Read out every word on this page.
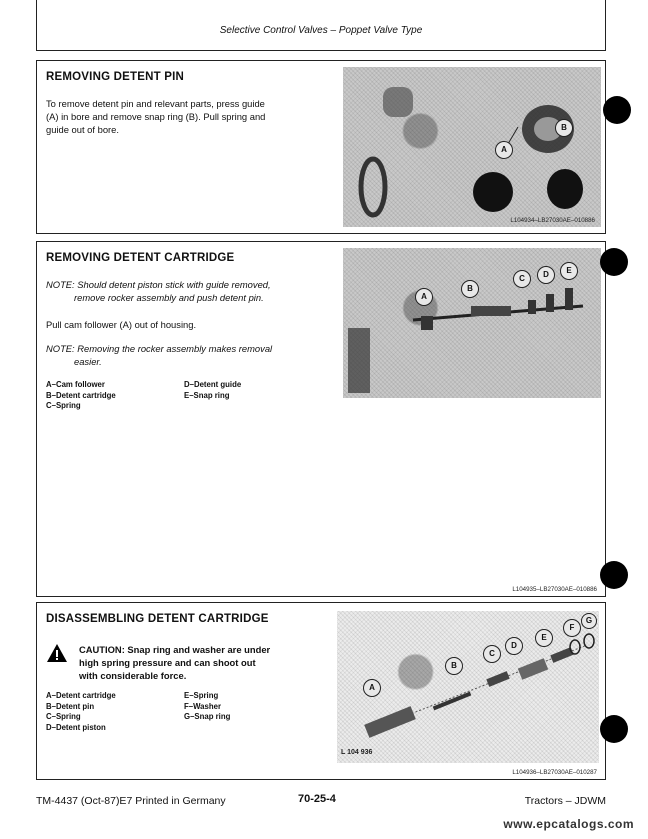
Selective Control Valves – Poppet Valve Type
REMOVING DETENT PIN
To remove detent pin and relevant parts, press guide
(A) in bore and remove snap ring (B). Pull spring and
guide out of bore.
A
B
L104934–LB27030AE–010886
REMOVING DETENT CARTRIDGE
NOTE: Should detent piston stick with guide removed,
remove rocker assembly and push detent pin.
Pull cam follower (A) out of housing.
NOTE: Removing the rocker assembly makes removal
easier.
A–Cam follower
B–Detent cartridge
C–Spring
D–Detent guide
E–Snap ring
A
B
C	D	E
L104935–LB27030AE–010886
DISASSEMBLING DETENT CARTRIDGE
CAUTION: Snap ring and washer are under
high spring pressure and can shoot out
with considerable force.
A–Detent cartridge
B–Detent pin
C–Spring
D–Detent piston
E–Spring
F–Washer
G–Snap ring
A
B
C
D
E
F
G
L 104 936
L104936–LB27030AE–010287
TM-4437 (Oct-87)E7 Printed in Germany	70-25-4	Tractors – JDWM
www.epcatalogs.com
